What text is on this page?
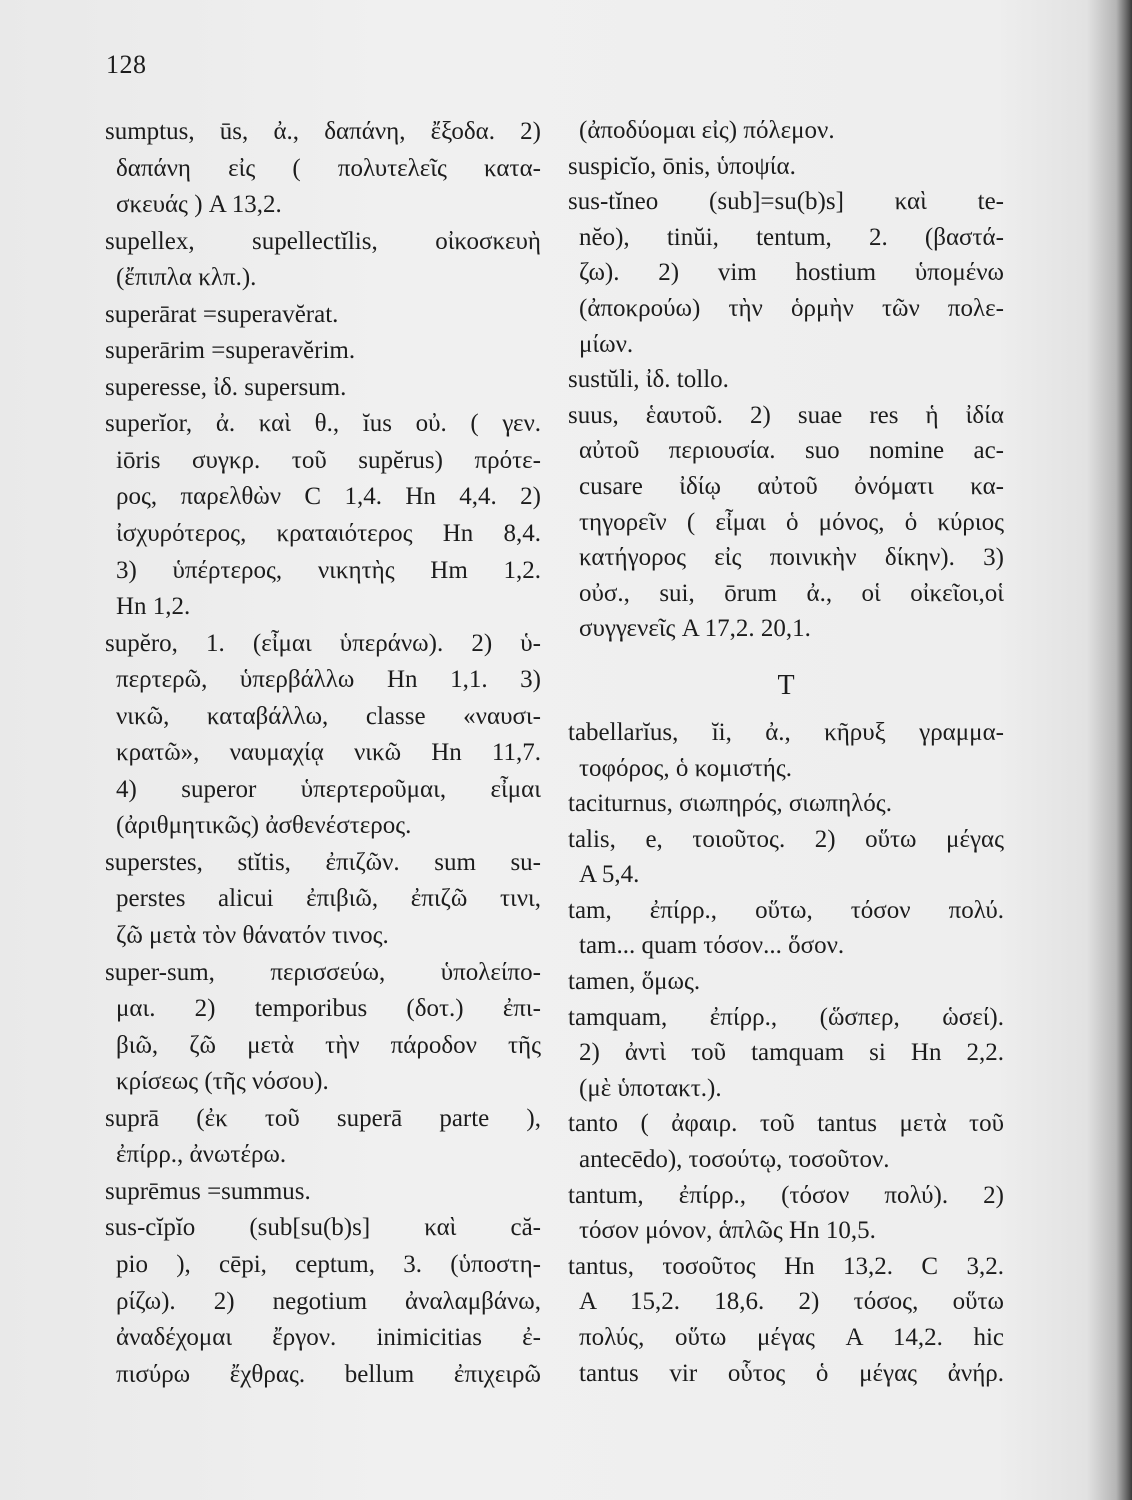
128
sumptus, ūs, ἀ., δαπάνη, ἔξοδα. 2)
δαπάνη εἰς ( πολυτελεῖς κατα-
σκευάς ) A 13,2.
supellex, supellectĭlis, οἰκοσκευὴ
(ἔπιπλα κλπ.).
superārat =superavĕrat.
superārim =superavĕrim.
superesse, ἰδ. supersum.
superĭor, ἀ. καὶ θ., ĭus οὐ. ( γεν.
iōris συγκρ. τοῦ supĕrus) πρότε-
ρος, παρελθὼν C 1,4. Hn 4,4. 2)
ἰσχυρότερος, κραταιότερος Hn 8,4.
3) ὑπέρτερος, νικητὴς Hm 1,2.
Hn 1,2.
supĕro, 1. (εἶμαι ὑπεράνω). 2) ὑ-
περτερῶ, ὑπερβάλλω Hn 1,1. 3)
νικῶ, καταβάλλω, classe «ναυσι-
κρατῶ», ναυμαχίᾳ νικῶ Hn 11,7.
4) superor ὑπερτεροῦμαι, εἶμαι
(ἀριθμητικῶς) ἀσθενέστερος.
superstes, stĭtis, ἐπιζῶν. sum su-
perstes alicui ἐπιβιῶ, ἐπιζῶ τινι,
ζῶ μετὰ τὸν θάνατόν τινος.
super-sum, περισσεύω, ὑπολείπο-
μαι. 2) temporibus (δοτ.) ἐπι-
βιῶ, ζῶ μετὰ τὴν πάροδον τῆς
κρίσεως (τῆς νόσου).
suprā (ἐκ τοῦ superā parte ),
ἐπίρρ., ἀνωτέρω.
suprēmus =summus.
sus-cĭpĭo (sub[su(b)s] καὶ că-
pio ), cēpi, ceptum, 3. (ὑποστη-
ρίζω). 2) negotium ἀναλαμβάνω,
ἀναδέχομαι ἔργον. inimicitias ἐ-
πισύρω ἔχθρας. bellum ἐπιχειρῶ
(ἀποδύομαι εἰς) πόλεμον.
suspicĭo, ōnis, ὑποψία.
sus-tĭneo (sub]=su(b)s] καὶ te-
nĕo), tinŭi, tentum, 2. (βαστά-
ζω). 2) vim hostium ὑπομένω
(ἀποκρούω) τὴν ὁρμὴν τῶν πολε-
μίων.
sustŭli, ἰδ. tollo.
suus, ἑαυτοῦ. 2) suae res ἡ ἰδία
αὐτοῦ περιουσία. suo nomine ac-
cusare ἰδίῳ αὐτοῦ ὀνόματι κα-
τηγορεῖν ( εἶμαι ὁ μόνος, ὁ κύριος
κατήγορος εἰς ποινικὴν δίκην). 3)
οὐσ., sui, ōrum ἀ., οἱ οἰκεῖοι,οἱ
συγγενεῖς A 17,2. 20,1.
T
tabellarĭus, ĭi, ἀ., κῆρυξ γραμμα-
τοφόρος, ὁ κομιστής.
taciturnus, σιωπηρός, σιωπηλός.
talis, e, τοιοῦτος. 2) οὕτω μέγας
A 5,4.
tam, ἐπίρρ., οὕτω, τόσον πολύ.
tam... quam τόσον... ὅσον.
tamen, ὅμως.
tamquam, ἐπίρρ., (ὥσπερ, ὡσεί).
2) ἀντὶ τοῦ tamquam si Hn 2,2.
(μὲ ὑποτακτ.).
tanto ( ἀφαιρ. τοῦ tantus μετὰ τοῦ
antecēdo), τοσούτῳ, τοσοῦτον.
tantum, ἐπίρρ., (τόσον πολύ). 2)
τόσον μόνον, ἁπλῶς Hn 10,5.
tantus, τοσοῦτος Hn 13,2. C 3,2.
A 15,2. 18,6. 2) τόσος, οὕτω
πολύς, οὕτω μέγας A 14,2. hic
tantus vir οὗτος ὁ μέγας ἀνήρ.
